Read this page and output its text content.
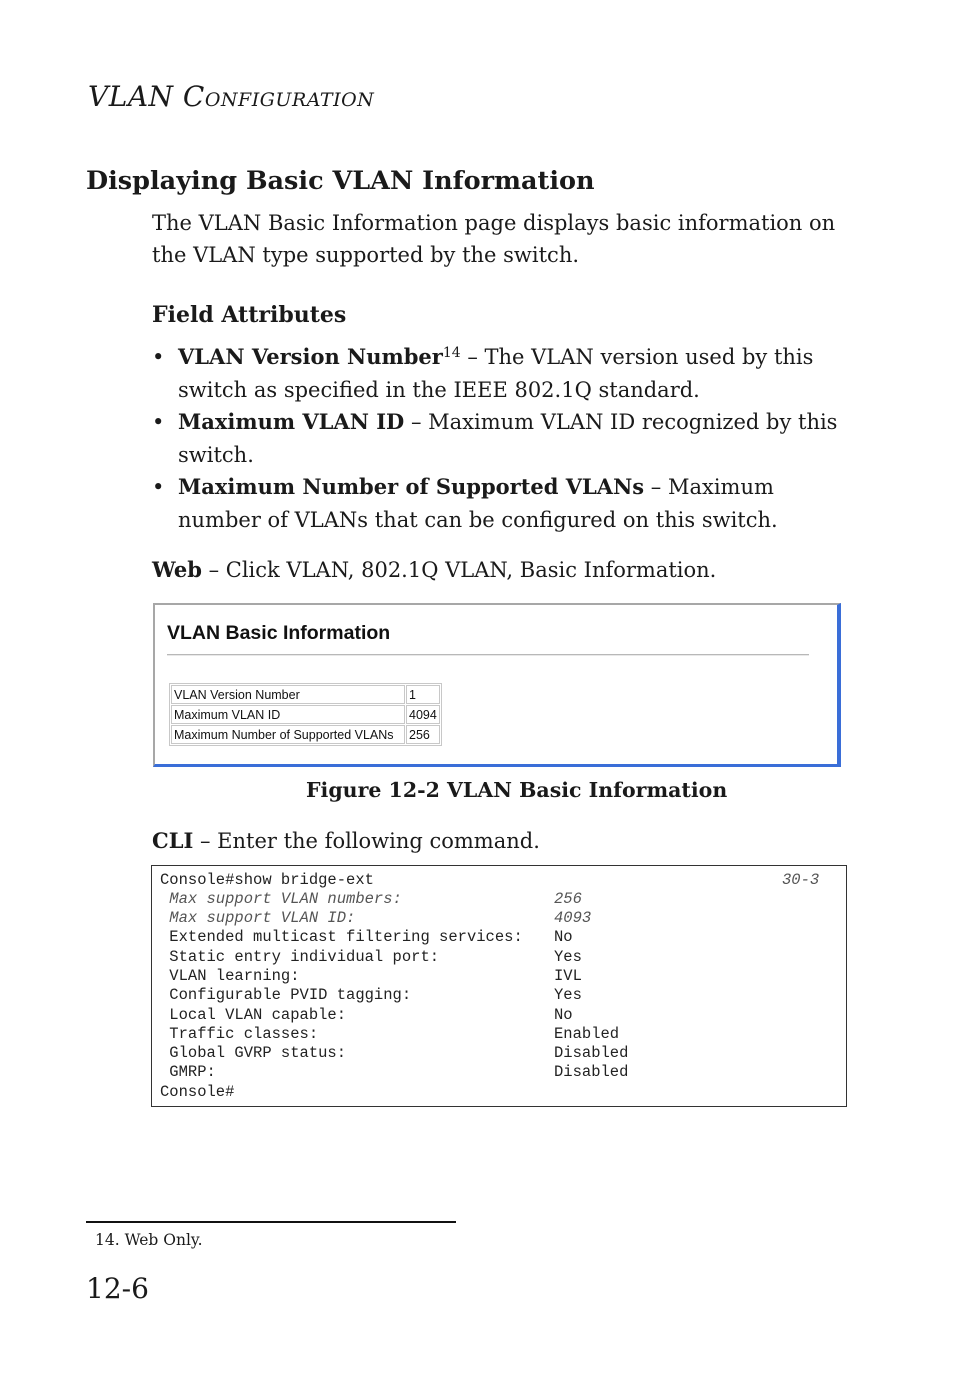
VLAN CONFIGURATION
Displaying Basic VLAN Information
The VLAN Basic Information page displays basic information on the VLAN type supported by the switch.
Field Attributes
• VLAN Version Number$^{14}$ – The VLAN version used by this switch as specified in the IEEE 802.1Q standard.
• Maximum VLAN ID – Maximum VLAN ID recognized by this switch.
• Maximum Number of Supported VLANs – Maximum number of VLANs that can be configured on this switch.
Web – Click VLAN, 802.1Q VLAN, Basic Information.
VLAN Basic Information
VLAN Version Number	1
Maximum VLAN ID	4094
Maximum Number of Supported VLANs	256
Figure 12-2 VLAN Basic Information
CLI – Enter the following command.
Console#show bridge-ext	30-3
Max support VLAN numbers:	256
Max support VLAN ID:	4093
Extended multicast filtering services: No
Static entry individual port:	Yes
VLAN learning:	IVL
Configurable PVID tagging:	Yes
Local VLAN capable:	No
Traffic classes:	Enabled
Global GVRP status:	Disabled
GMRP:	Disabled
Console#
14. Web Only.
12-6
